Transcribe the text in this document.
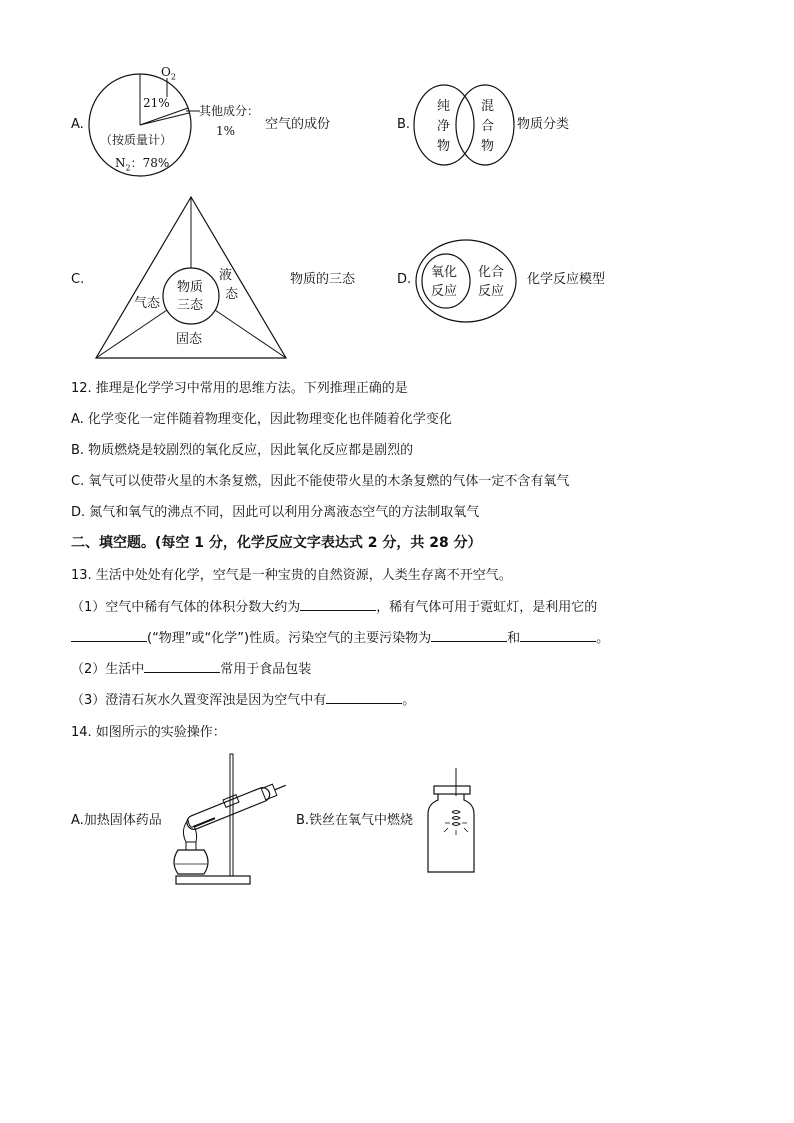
A.
$O_2$
21%
其他成分：
1%
（按质量计）
$N_2$：78%
空气的成份	B.
纯
净
物
混
合
物
物质分类
C.
物质
三态
气态
液
态
固态
物质的三态	D. 氧化
反应
化合
反应
化学反应模型
12. 推理是化学学习中常用的思维方法。下列推理正确的是
A. 化学变化一定伴随着物理变化，因此物理变化也伴随着化学变化
B. 物质燃烧是较剧烈的氧化反应，因此氧化反应都是剧烈的
C. 氧气可以使带火星的木条复燃，因此不能使带火星的木条复燃的气体一定不含有氧气
D. 氮气和氧气的沸点不同，因此可以利用分离液态空气的方法制取氧气
二、填空题。(每空 1 分，化学反应文字表达式 2 分，共 28 分）
13. 生活中处处有化学，空气是一种宝贵的自然资源，人类生存离不开空气。
（1）空气中稀有气体的体积分数大约为	，稀有气体可用于霓虹灯，是利用它的
(“物理”或“化学”)性质。污染空气的主要污染物为	和	。
（2）生活中	常用于食品包装
（3）澄清石灰水久置变浑浊是因为空气中有	。
14. 如图所示的实验操作：
A.加热固体药品	B.铁丝在氧气中燃烧
